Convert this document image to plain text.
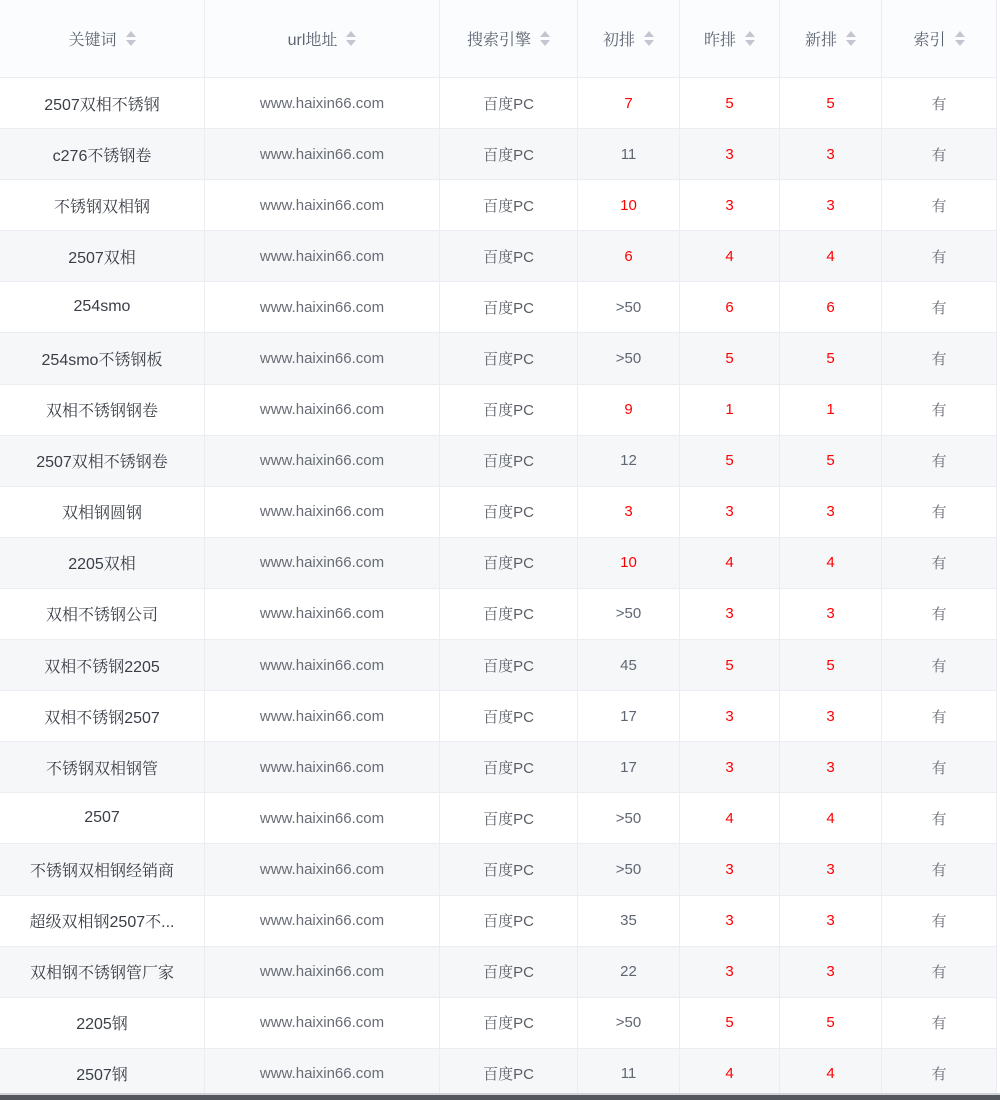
关键词	url地址	搜索引擎	初排	昨排	新排	索引
2507双相不锈钢	www.haixin66.com	百度PC	7	5	5	有
c276不锈钢卷	www.haixin66.com	百度PC	11	3	3	有
不锈钢双相钢	www.haixin66.com	百度PC	10	3	3	有
2507双相	www.haixin66.com	百度PC	6	4	4	有
254smo	www.haixin66.com	百度PC	>50	6	6	有
254smo不锈钢板	www.haixin66.com	百度PC	>50	5	5	有
双相不锈钢钢卷	www.haixin66.com	百度PC	9	1	1	有
2507双相不锈钢卷	www.haixin66.com	百度PC	12	5	5	有
双相钢圆钢	www.haixin66.com	百度PC	3	3	3	有
2205双相	www.haixin66.com	百度PC	10	4	4	有
双相不锈钢公司	www.haixin66.com	百度PC	>50	3	3	有
双相不锈钢2205	www.haixin66.com	百度PC	45	5	5	有
双相不锈钢2507	www.haixin66.com	百度PC	17	3	3	有
不锈钢双相钢管	www.haixin66.com	百度PC	17	3	3	有
2507	www.haixin66.com	百度PC	>50	4	4	有
不锈钢双相钢经销商	www.haixin66.com	百度PC	>50	3	3	有
超级双相钢2507不...	www.haixin66.com	百度PC	35	3	3	有
双相钢不锈钢管厂家	www.haixin66.com	百度PC	22	3	3	有
2205钢	www.haixin66.com	百度PC	>50	5	5	有
2507钢	www.haixin66.com	百度PC	11	4	4	有
